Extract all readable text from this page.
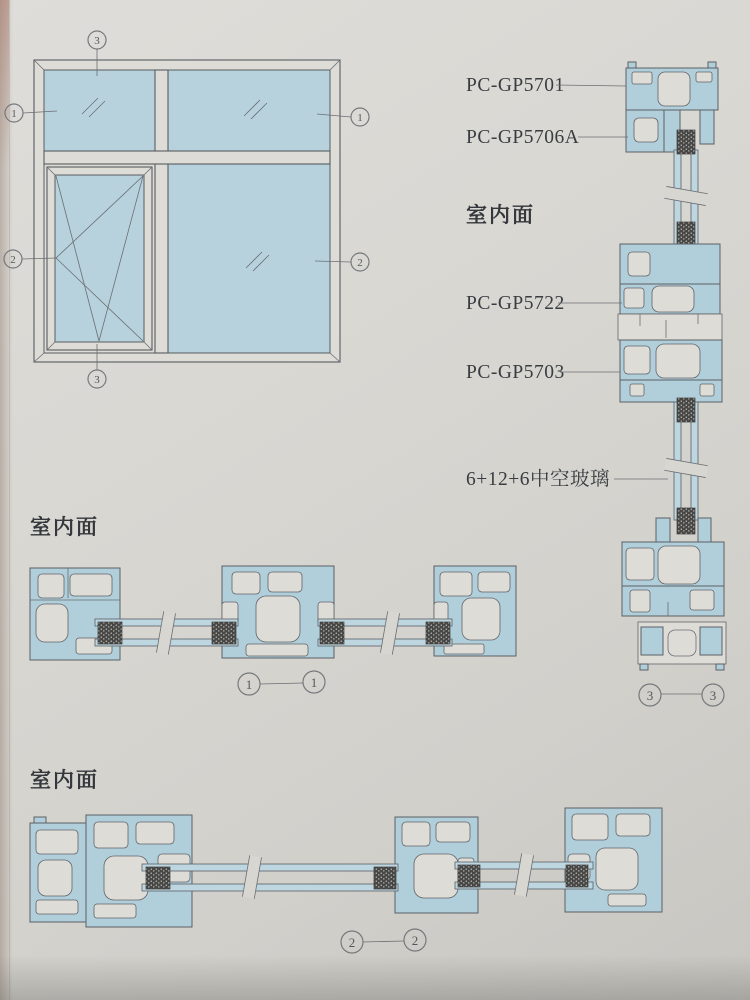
3
1	1
2	2
3
3	3
PC-GP5701
PC-GP5706A
室内面
PC-GP5722
PC-GP5703
6+12+6中空玻璃
室内面
1	1
室内面
2	2
